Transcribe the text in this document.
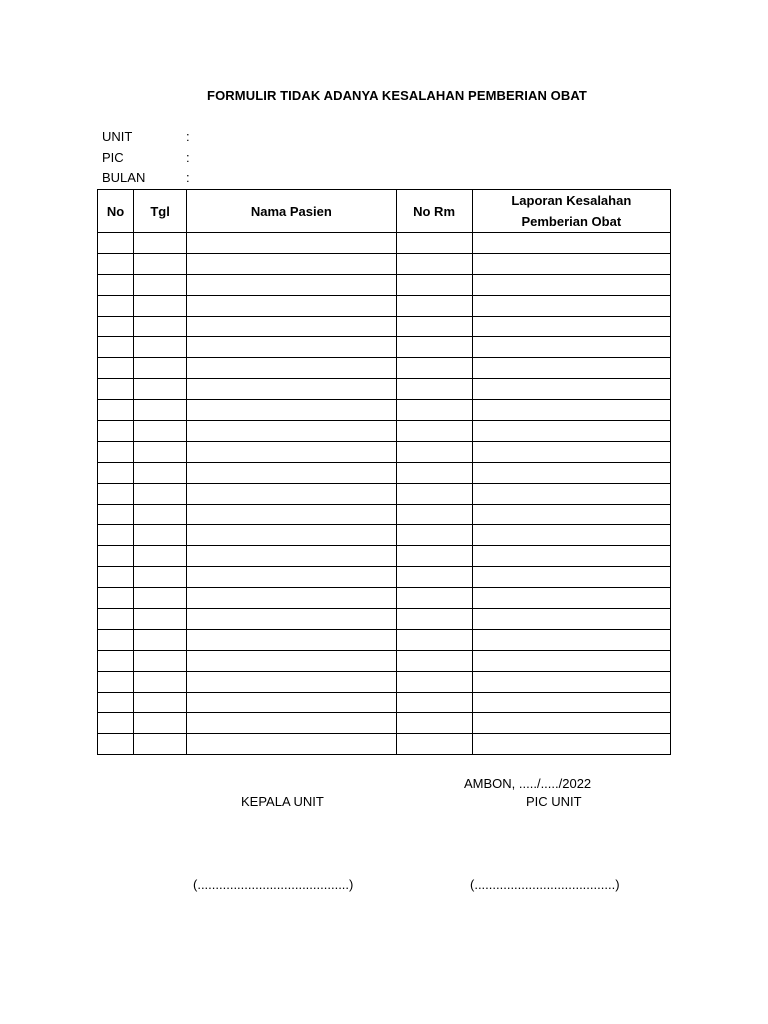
FORMULIR TIDAK ADANYA KESALAHAN PEMBERIAN OBAT
UNIT	:
PIC	:
BULAN	:
No	Tgl	Nama Pasien	No Rm	Laporan Kesalahan
Pemberian Obat

AMBON, ...../...../2022
KEPALA UNIT	PIC UNIT
(..........................................)	(.......................................)
